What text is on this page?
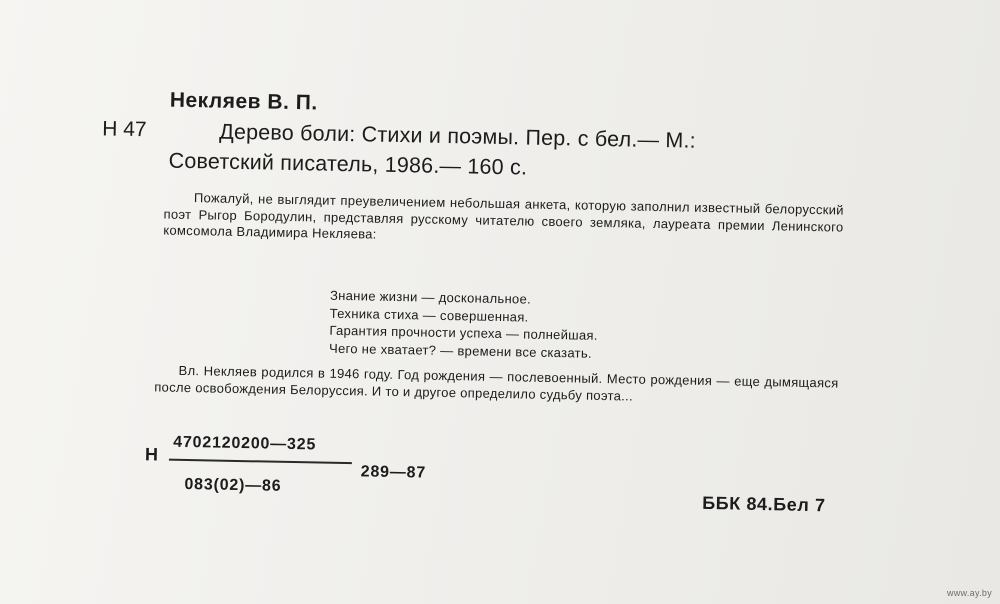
Некляев В. П.
Н 47	Дерево боли: Стихи и поэмы. Пер. с бел.— М.:
Советский писатель, 1986.— 160 с.
Пожалуй, не выглядит преувеличением небольшая анкета, которую заполнил известный белорусский поэт Рыгор Бородулин, представляя русскому читателю своего земляка, лауреата премии Ленинского комсомола Владимира Некляева:
Знание жизни — доскональное.
Техника стиха — совершенная.
Гарантия прочности успеха — полнейшая.
Чего не хватает? — времени все сказать.
Вл. Некляев родился в 1946 году. Год рождения — послевоенный. Место рождения — еще дымящаяся после освобождения Белоруссия. И то и другое определило судьбу поэта...
Н
4702120200—325
083(02)—86
289—87
ББК 84.Бел 7
www.ay.by
